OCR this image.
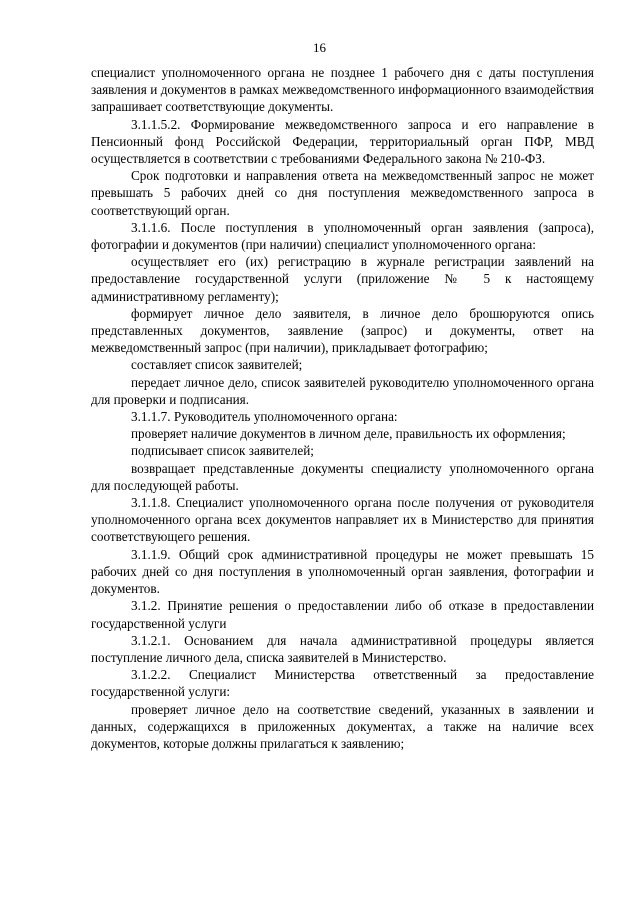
16

специалист уполномоченного органа не позднее 1 рабочего дня с даты поступления заявления и документов в рамках межведомственного информационного взаимодействия запрашивает соответствующие документы.

3.1.1.5.2. Формирование межведомственного запроса и его направление в Пенсионный фонд Российской Федерации, территориальный орган ПФР, МВД осуществляется в соответствии с требованиями Федерального закона № 210-ФЗ.

Срок подготовки и направления ответа на межведомственный запрос не может превышать 5 рабочих дней со дня поступления межведомственного запроса в соответствующий орган.

3.1.1.6. После поступления в уполномоченный орган заявления (запроса), фотографии и документов (при наличии) специалист уполномоченного органа:

осуществляет его (их) регистрацию в журнале регистрации заявлений на предоставление государственной услуги (приложение № 5 к настоящему административному регламенту);

формирует личное дело заявителя, в личное дело брошюруются опись представленных документов, заявление (запрос) и документы, ответ на межведомственный запрос (при наличии), прикладывает фотографию;

составляет список заявителей;

передает личное дело, список заявителей руководителю уполномоченного органа для проверки и подписания.

3.1.1.7. Руководитель уполномоченного органа:

проверяет наличие документов в личном деле, правильность их оформления;

подписывает список заявителей;

возвращает представленные документы специалисту уполномоченного органа для последующей работы.

3.1.1.8. Специалист уполномоченного органа после получения от руководителя уполномоченного органа всех документов направляет их в Министерство для принятия соответствующего решения.

3.1.1.9. Общий срок административной процедуры не может превышать 15 рабочих дней со дня поступления в уполномоченный орган заявления, фотографии и документов.

3.1.2. Принятие решения о предоставлении либо об отказе в предоставлении государственной услуги

3.1.2.1. Основанием для начала административной процедуры является поступление личного дела, списка заявителей в Министерство.

3.1.2.2. Специалист Министерства ответственный за предоставление государственной услуги:

проверяет личное дело на соответствие сведений, указанных в заявлении и данных, содержащихся в приложенных документах, а также на наличие всех документов, которые должны прилагаться к заявлению;
